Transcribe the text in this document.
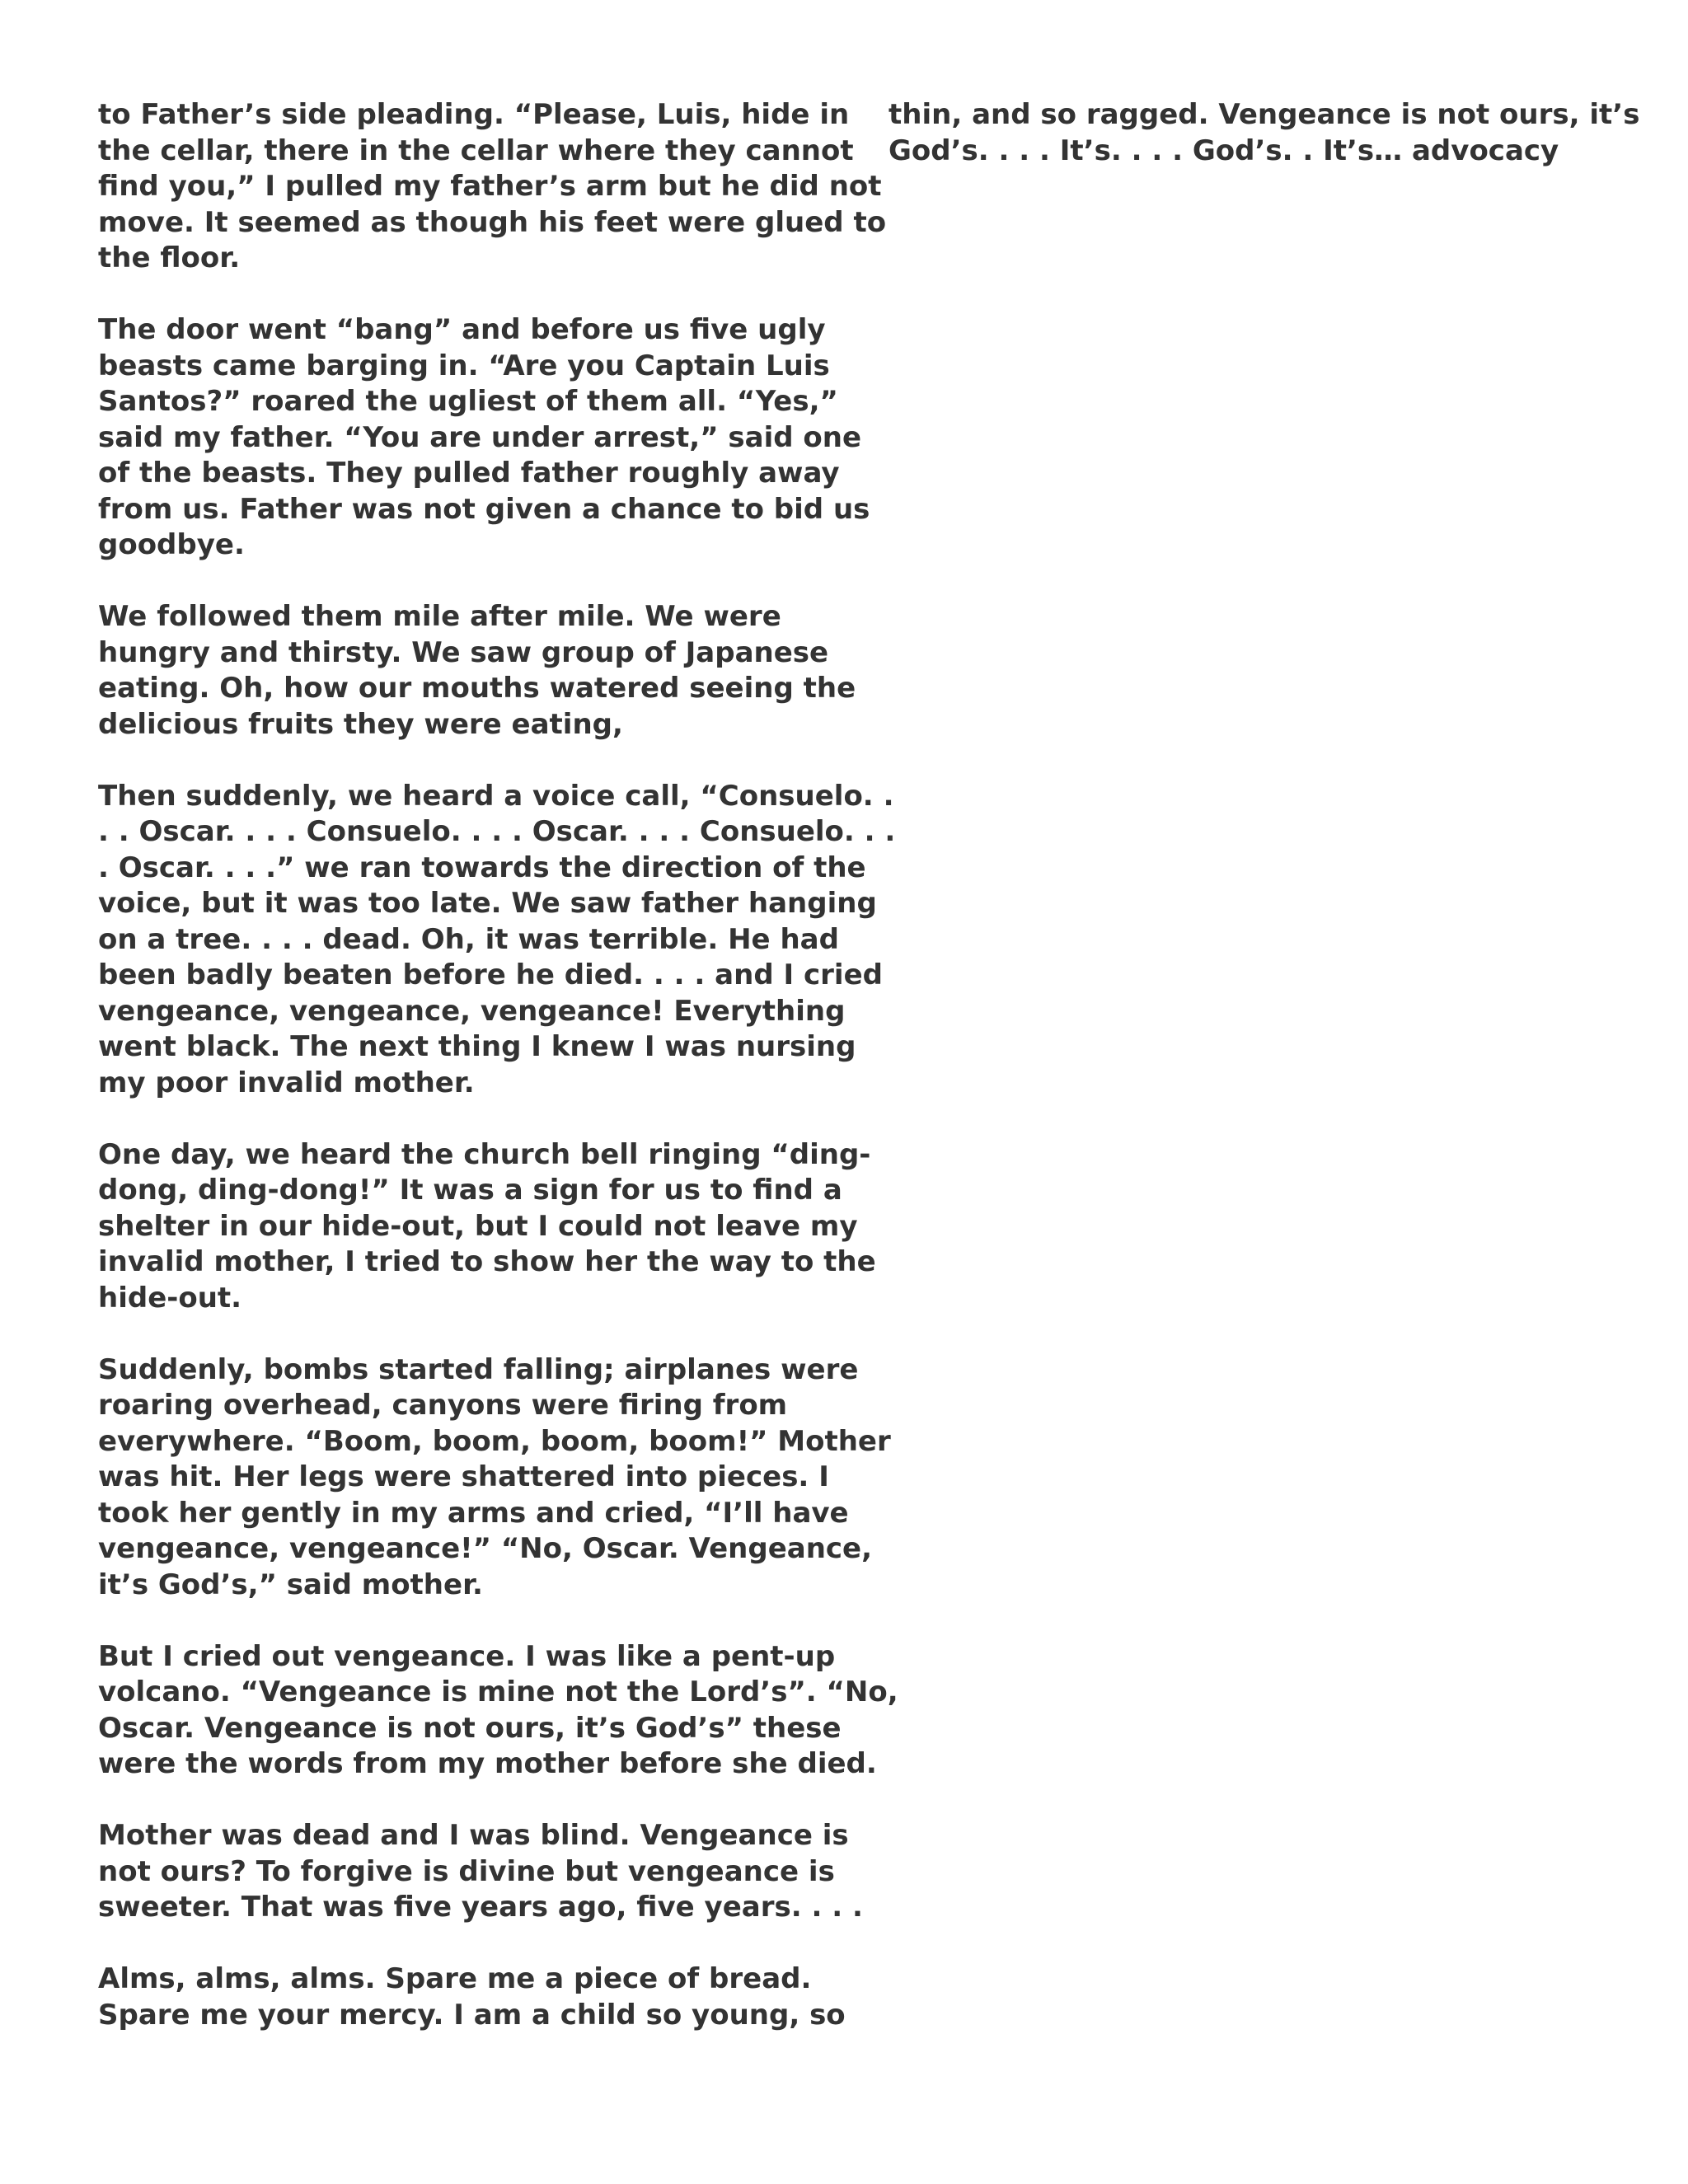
to Father’s side pleading. “Please, Luis, hide in
the cellar, there in the cellar where they cannot
find you,” I pulled my father’s arm but he did not
move. It seemed as though his feet were glued to
the floor.

The door went “bang” and before us five ugly
beasts came barging in. “Are you Captain Luis
Santos?” roared the ugliest of them all. “Yes,”
said my father. “You are under arrest,” said one
of the beasts. They pulled father roughly away
from us. Father was not given a chance to bid us
goodbye.

We followed them mile after mile. We were
hungry and thirsty. We saw group of Japanese
eating. Oh, how our mouths watered seeing the
delicious fruits they were eating,

Then suddenly, we heard a voice call, “Consuelo. .
. . Oscar. . . . Consuelo. . . . Oscar. . . . Consuelo. . .
. Oscar. . . .” we ran towards the direction of the
voice, but it was too late. We saw father hanging
on a tree. . . . dead. Oh, it was terrible. He had
been badly beaten before he died. . . . and I cried
vengeance, vengeance, vengeance! Everything
went black. The next thing I knew I was nursing
my poor invalid mother.

One day, we heard the church bell ringing “ding-
dong, ding-dong!” It was a sign for us to find a
shelter in our hide-out, but I could not leave my
invalid mother, I tried to show her the way to the
hide-out.

Suddenly, bombs started falling; airplanes were
roaring overhead, canyons were firing from
everywhere. “Boom, boom, boom, boom!” Mother
was hit. Her legs were shattered into pieces. I
took her gently in my arms and cried, “I’ll have
vengeance, vengeance!” “No, Oscar. Vengeance,
it’s God’s,” said mother.

But I cried out vengeance. I was like a pent-up
volcano. “Vengeance is mine not the Lord’s”. “No,
Oscar. Vengeance is not ours, it’s God’s” these
were the words from my mother before she died.

Mother was dead and I was blind. Vengeance is
not ours? To forgive is divine but vengeance is
sweeter. That was five years ago, five years. . . .

Alms, alms, alms. Spare me a piece of bread.
Spare me your mercy. I am a child so young, so

thin, and so ragged. Vengeance is not ours, it’s
God’s. . . . It’s. . . . God’s. . It’s… advocacy
